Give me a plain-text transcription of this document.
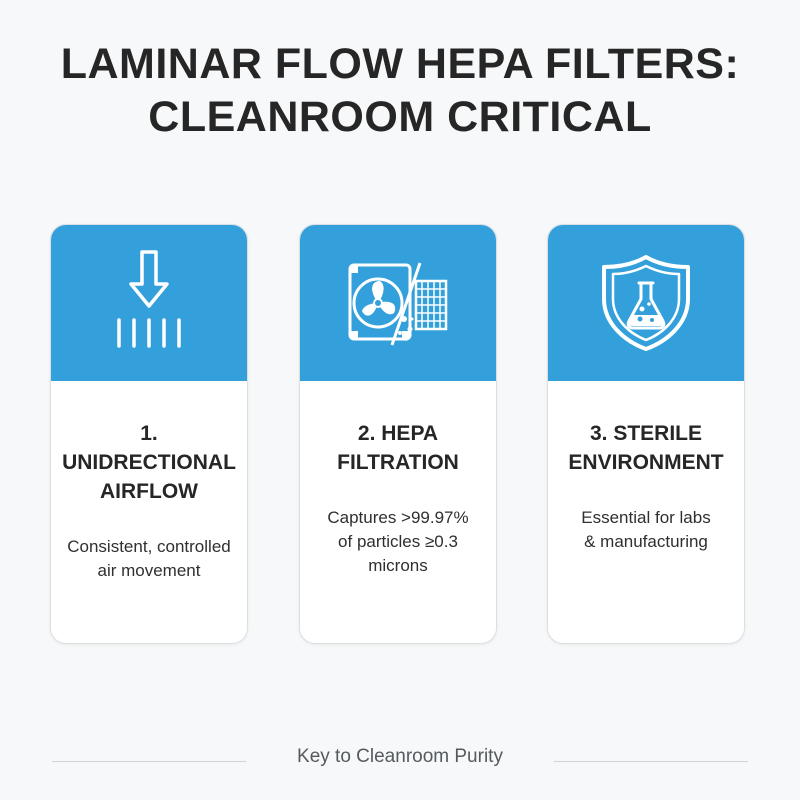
LAMINAR FLOW HEPA FILTERS:
CLEANROOM CRITICAL
1. UNIDRECTIONAL
AIRFLOW
Consistent, controlled
air movement
2. HEPA
FILTRATION
Captures >99.97%
of particles ≥0.3
microns
3. STERILE
ENVIRONMENT
Essential for labs
& manufacturing
Key to Cleanroom Purity
